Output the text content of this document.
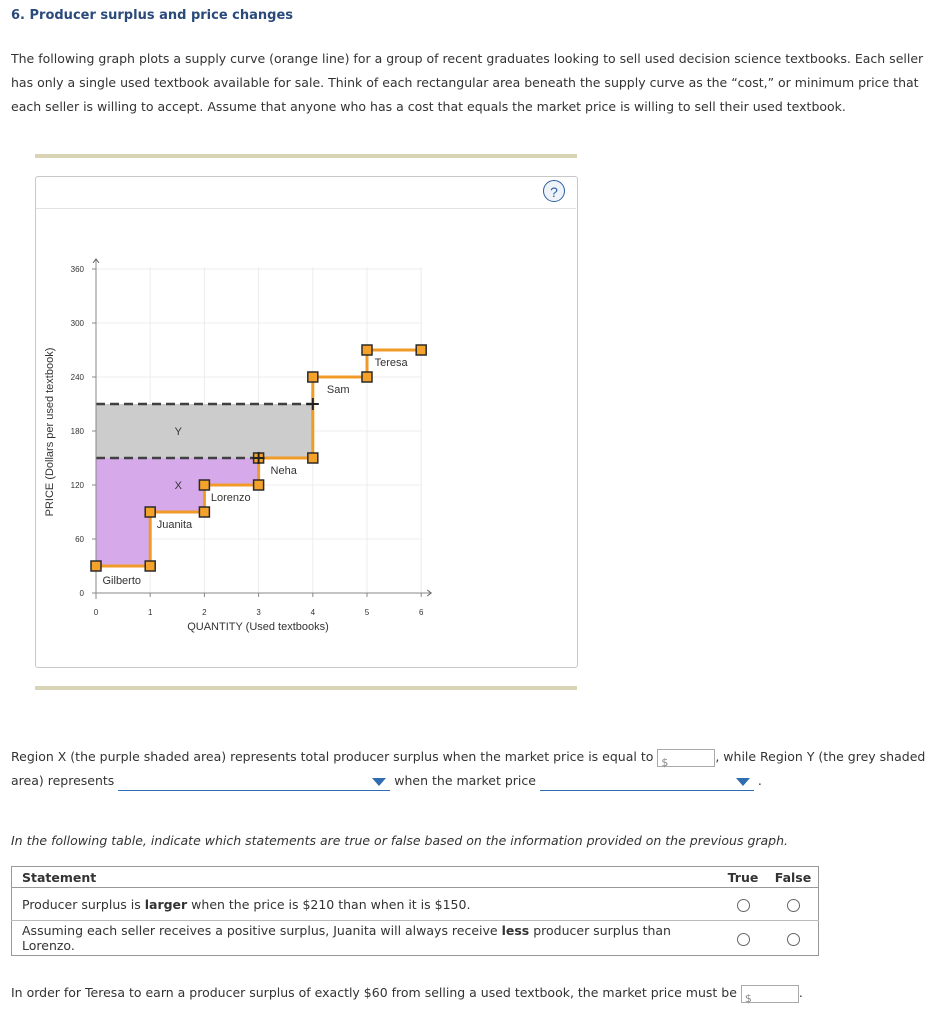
6. Producer surplus and price changes
The following graph plots a supply curve (orange line) for a group of recent graduates looking to sell used decision science textbooks. Each seller has only a single used textbook available for sale. Think of each rectangular area beneath the supply curve as the “cost,” or minimum price that each seller is willing to accept. Assume that anyone who has a cost that equals the market price is willing to sell their used textbook.
?
0
60
120
180
240
300
360
0	1	2	3	4	5	6
Gilberto
Juanita
Lorenzo
Neha
Sam
Teresa
X
Y
PRICE (Dollars per used textbook)
QUANTITY (Used textbooks)
Region X (the purple shaded area) represents total producer surplus when the market price is equal to $	, while Region Y (the grey shaded
area) represents	when the market price	.
In the following table, indicate which statements are true or false based on the information provided on the previous graph.
Statement	True	False
Producer surplus is larger when the price is $210 than when it is $150.		
Assuming each seller receives a positive surplus, Juanita will always receive less producer surplus than Lorenzo.		
In order for Teresa to earn a producer surplus of exactly $60 from selling a used textbook, the market price must be $	.
